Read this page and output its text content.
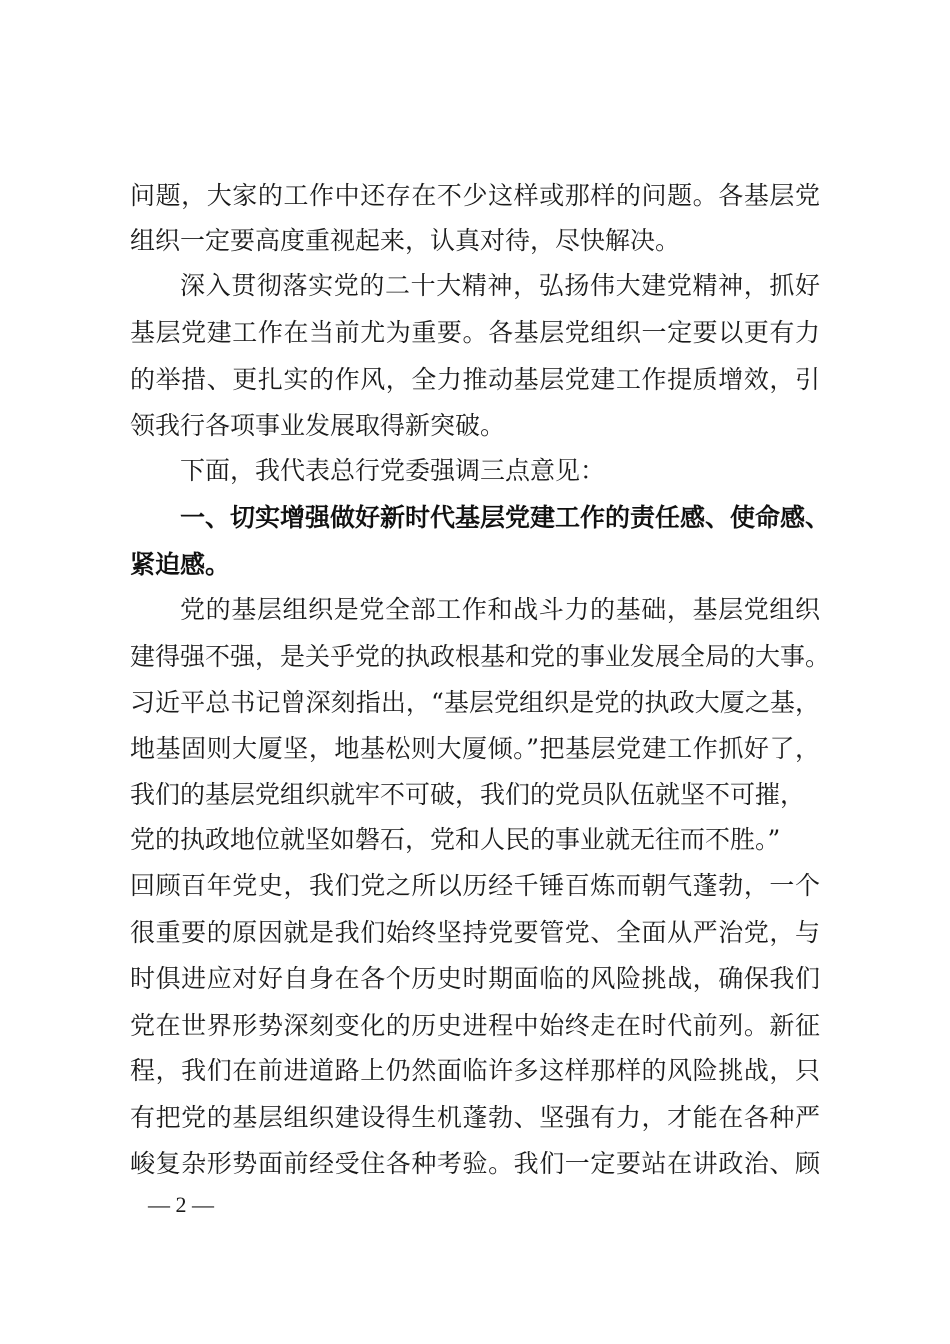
问题，大家的工作中还存在不少这样或那样的问题。各基层党
组织一定要高度重视起来，认真对待，尽快解决。
深入贯彻落实党的二十大精神，弘扬伟大建党精神，抓好
基层党建工作在当前尤为重要。各基层党组织一定要以更有力
的举措、更扎实的作风，全力推动基层党建工作提质增效，引
领我行各项事业发展取得新突破。
下面，我代表总行党委强调三点意见：
一、切实增强做好新时代基层党建工作的责任感、使命感、
紧迫感。
党的基层组织是党全部工作和战斗力的基础，基层党组织
建得强不强，是关乎党的执政根基和党的事业发展全局的大事。
习近平总书记曾深刻指出，“基层党组织是党的执政大厦之基，
地基固则大厦坚，地基松则大厦倾。”把基层党建工作抓好了，
我们的基层党组织就牢不可破，我们的党员队伍就坚不可摧，
党的执政地位就坚如磐石，党和人民的事业就无往而不胜。”
回顾百年党史，我们党之所以历经千锤百炼而朝气蓬勃，一个
很重要的原因就是我们始终坚持党要管党、全面从严治党，与
时俱进应对好自身在各个历史时期面临的风险挑战，确保我们
党在世界形势深刻变化的历史进程中始终走在时代前列。新征
程，我们在前进道路上仍然面临许多这样那样的风险挑战，只
有把党的基层组织建设得生机蓬勃、坚强有力，才能在各种严
峻复杂形势面前经受住各种考验。我们一定要站在讲政治、顾
— 2 —
